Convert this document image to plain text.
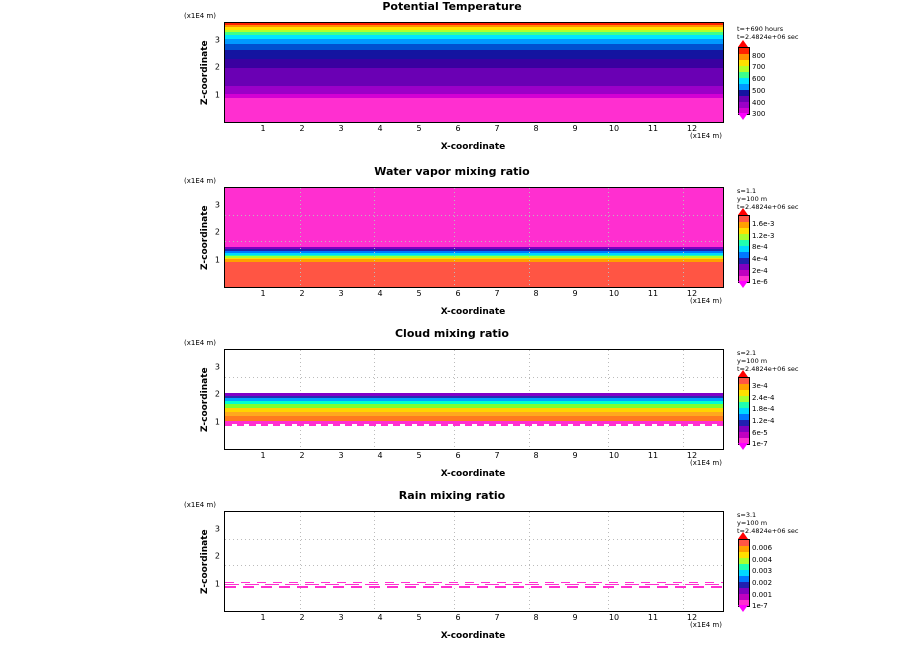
Potential Temperature
(x1E4 m)
1
2
3
Z-coordinate
1	2	3	4	5	6	7	8	9	10	11	12
(x1E4 m)
X-coordinate
t=+690 hours
t=2.4824e+06 sec
800
700
600
500
400
300
Water vapor mixing ratio
(x1E4 m)
1
2
3
Z-coordinate
1	2	3	4	5	6	7	8	9	10	11	12
(x1E4 m)
X-coordinate
s=1.1
y=100 m
t=2.4824e+06 sec
1.6e-3
1.2e-3
8e-4
4e-4
2e-4
1e-6
Cloud mixing ratio
(x1E4 m)
1
2
3
Z-coordinate
1	2	3	4	5	6	7	8	9	10	11	12
(x1E4 m)
X-coordinate
s=2.1
y=100 m
t=2.4824e+06 sec
3e-4
2.4e-4
1.8e-4
1.2e-4
6e-5
1e-7
Rain mixing ratio
(x1E4 m)
1
2
3
Z-coordinate
1	2	3	4	5	6	7	8	9	10	11	12
(x1E4 m)
X-coordinate
s=3.1
y=100 m
t=2.4824e+06 sec
0.006
0.004
0.003
0.002
0.001
1e-7
